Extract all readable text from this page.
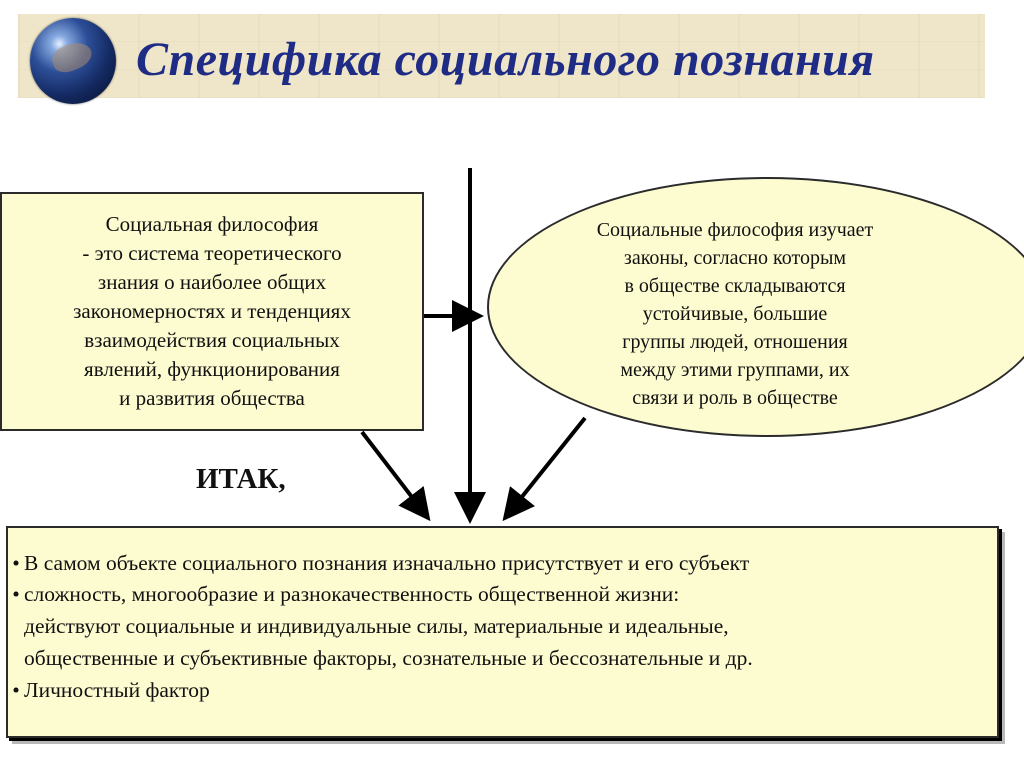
Специфика социального познания
Социальная философия
- это система теоретического
знания о наиболее общих
закономерностях и тенденциях
взаимодействия социальных
явлений, функционирования
и развития общества
Социальные философия изучает
законы, согласно которым
в обществе складываются
устойчивые, большие
группы людей, отношения
между этими группами, их
связи и роль в обществе
ИТАК,
• В самом объекте социального познания изначально присутствует и его субъект
• сложность, многообразие и разнокачественность общественной жизни:
действуют социальные и индивидуальные силы, материальные и идеальные,
общественные и субъективные факторы, сознательные и бессознательные и др.
• Личностный фактор
